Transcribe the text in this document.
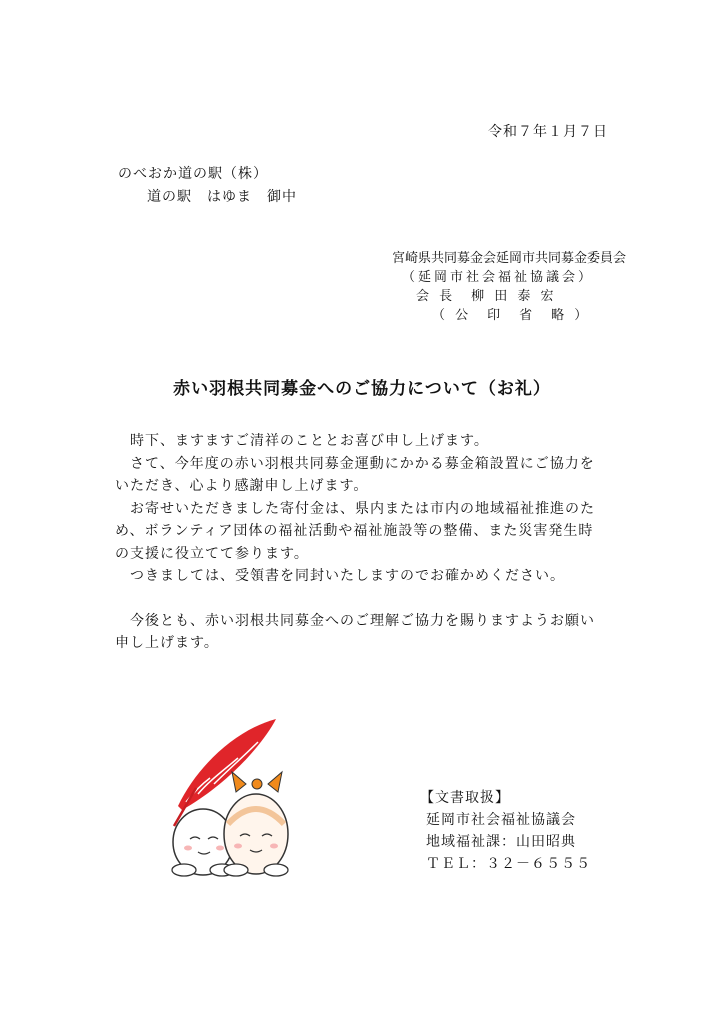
令和７年１月７日
のべおか道の駅（株）
道の駅　はゆま　御中
宮崎県共同募金会延岡市共同募金委員会
（延岡市社会福祉協議会）
会 長　柳 田 泰 宏
（ 公　印　省　略 ）
赤い羽根共同募金へのご協力について（お礼）

　時下、ますますご清祥のこととお喜び申し上げます。

　さて、今年度の赤い羽根共同募金運動にかかる募金箱設置にご協力を

いただき、心より感謝申し上げます。

　お寄せいただきました寄付金は、県内または市内の地域福祉推進のた

め、ボランティア団体の福祉活動や福祉施設等の整備、また災害発生時

の支援に役立てて参ります。

　つきましては、受領書を同封いたしますのでお確かめください。

　今後とも、赤い羽根共同募金へのご理解ご協力を賜りますようお願い

申し上げます。

【文書取扱】
延岡市社会福祉協議会
地域福祉課：山田昭典
ＴＥＬ：３２－６５５５
